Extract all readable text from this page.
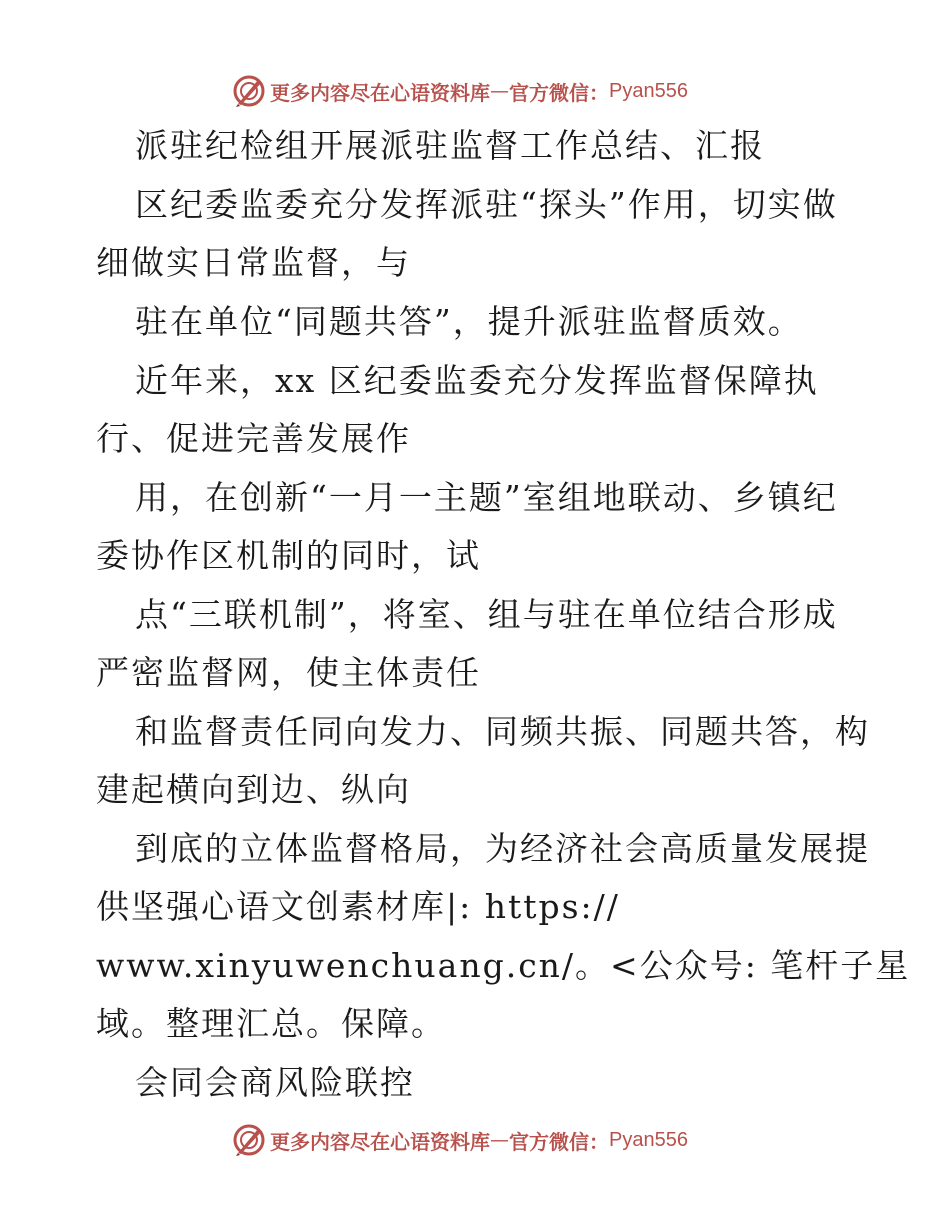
更多内容尽在心语资料库 — 官方微信： Pyan556
派驻纪检组开展派驻监督工作总结、汇报
区纪委监委充分发挥派驻“探头”作用，切实做
细做实日常监督，与
驻在单位“同题共答”，提升派驻监督质效。
近年来，xx 区纪委监委充分发挥监督保障执
行、促进完善发展作
用，在创新“一月一主题”室组地联动、乡镇纪
委协作区机制的同时，试
点“三联机制”，将室、组与驻在单位结合形成
严密监督网，使主体责任
和监督责任同向发力、同频共振、同题共答，构
建起横向到边、纵向
到底的立体监督格局，为经济社会高质量发展提
供坚强心语文创素材库|: https://
www.xinyuwenchuang.cn/。<公众号: 笔杆子星
域。整理汇总。保障。
会同会商风险联控
更多内容尽在心语资料库 — 官方微信： Pyan556
